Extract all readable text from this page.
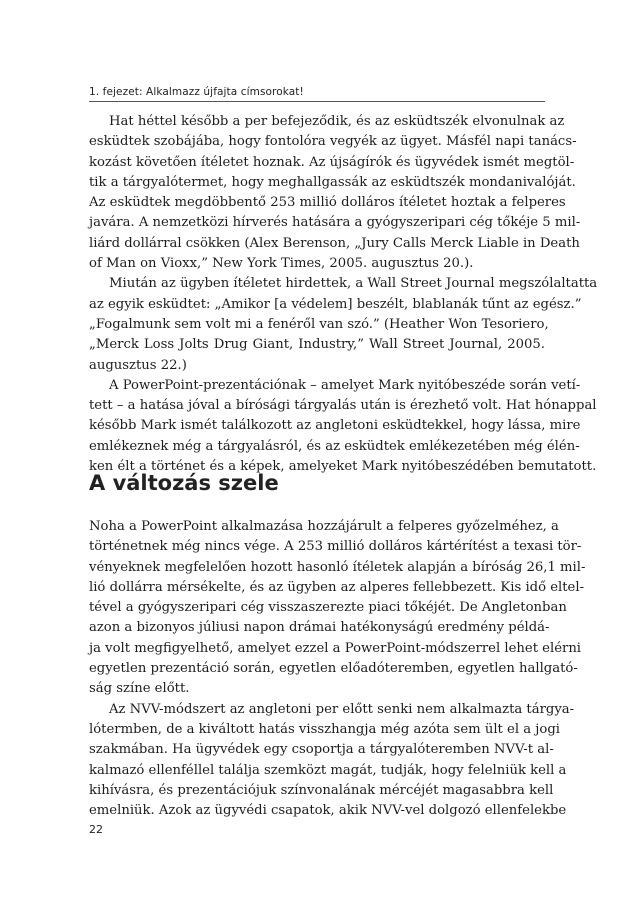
1. fejezet: Alkalmazz újfajta címsorokat!
Hat héttel később a per befejeződik, és az esküdtszék elvonulnak az
esküdtek szobájába, hogy fontolóra vegyék az ügyet. Másfél napi tanács-
kozást követően ítéletet hoznak. Az újságírók és ügyvédek ismét megtöl-
tik a tárgyalótermet, hogy meghallgassák az esküdtszék mondanivalóját.
Az esküdtek megdöbbentő 253 millió dolláros ítéletet hoztak a felperes
javára. A nemzetközi hírverés hatására a gyógyszeripari cég tőkéje 5 mil-
liárd dollárral csökken (Alex Berenson, „Jury Calls Merck Liable in Death
of Man on Vioxx,” New York Times, 2005. augusztus 20.).
Miután az ügyben ítéletet hirdettek, a Wall Street Journal megszólaltatta
az egyik esküdtet: „Amikor [a védelem] beszélt, blablanák tűnt az egész.”
„Fogalmunk sem volt mi a fenéről van szó.” (Heather Won Tesoriero,
„Merck Loss Jolts Drug Giant, Industry,” Wall Street Journal, 2005.
augusztus 22.)
A PowerPoint-prezentációnak – amelyet Mark nyitóbeszéde során vetí-
tett – a hatása jóval a bírósági tárgyalás után is érezhető volt. Hat hónappal
később Mark ismét találkozott az angletoni esküdtekkel, hogy lássa, mire
emlékeznek még a tárgyalásról, és az esküdtek emlékezetében még élén-
ken élt a történet és a képek, amelyeket Mark nyitóbeszédében bemutatott.
A változás szele
Noha a PowerPoint alkalmazása hozzájárult a felperes győzelméhez, a
történetnek még nincs vége. A 253 millió dolláros kártérítést a texasi tör-
vényeknek megfelelően hozott hasonló ítéletek alapján a bíróság 26,1 mil-
lió dollárra mérsékelte, és az ügyben az alperes fellebbezett. Kis idő eltel-
tével a gyógyszeripari cég visszaszerezte piaci tőkéjét. De Angletonban
azon a bizonyos júliusi napon drámai hatékonyságú eredmény példá-
ja volt megfigyelhető, amelyet ezzel a PowerPoint-módszerrel lehet elérni
egyetlen prezentáció során, egyetlen előadóteremben, egyetlen hallgató-
ság színe előtt.
Az NVV-módszert az angletoni per előtt senki nem alkalmazta tárgya-
lótermben, de a kiváltott hatás visszhangja még azóta sem ült el a jogi
szakmában. Ha ügyvédek egy csoportja a tárgyalóteremben NVV-t al-
kalmazó ellenféllel találja szemközt magát, tudják, hogy felelniük kell a
kihívásra, és prezentációjuk színvonalának mércéjét magasabbra kell
emelniük. Azok az ügyvédi csapatok, akik NVV-vel dolgozó ellenfelekbe
22
